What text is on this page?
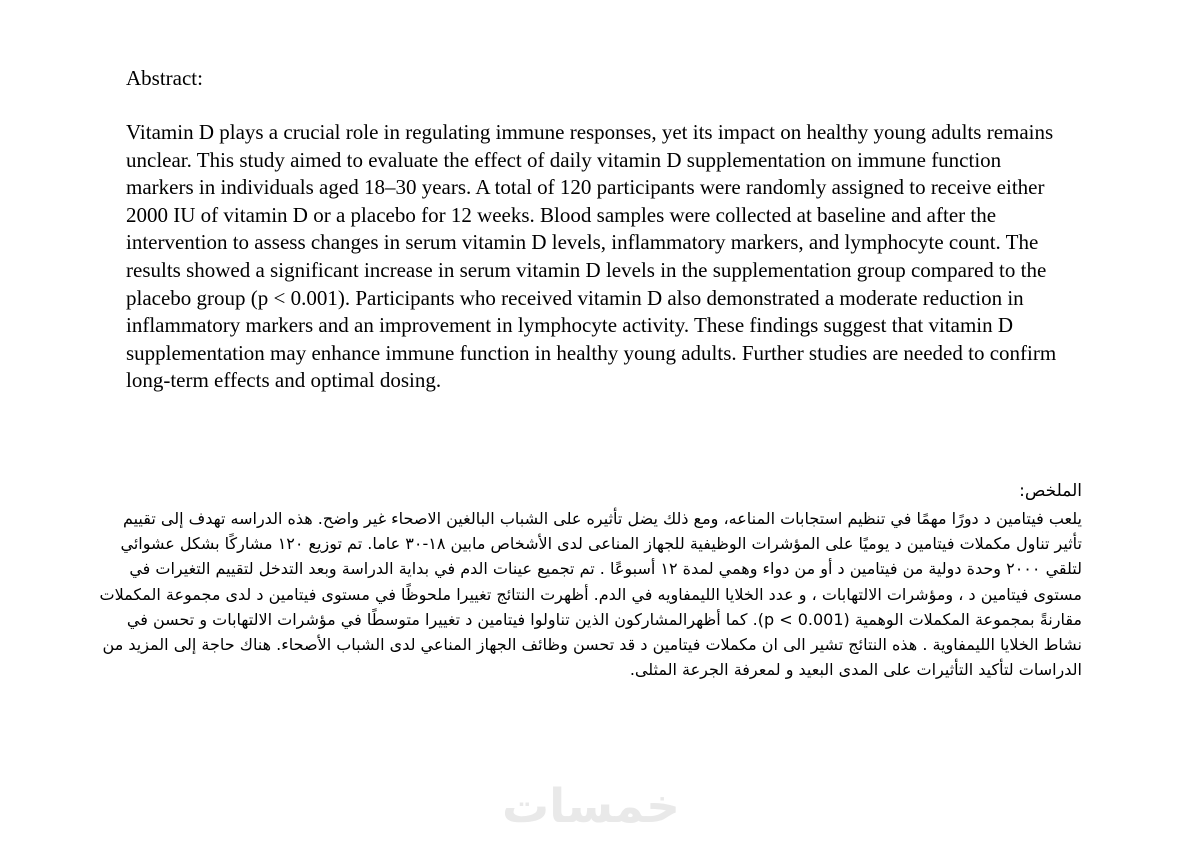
Abstract:

Vitamin D plays a crucial role in regulating immune responses, yet its impact on healthy young adults remains unclear. This study aimed to evaluate the effect of daily vitamin D supplementation on immune function markers in individuals aged 18–30 years. A total of 120 participants were randomly assigned to receive either 2000 IU of vitamin D or a placebo for 12 weeks. Blood samples were collected at baseline and after the intervention to assess changes in serum vitamin D levels, inflammatory markers, and lymphocyte count. The results showed a significant increase in serum vitamin D levels in the supplementation group compared to the placebo group (p < 0.001). Participants who received vitamin D also demonstrated a moderate reduction in inflammatory markers and an improvement in lymphocyte activity. These findings suggest that vitamin D supplementation may enhance immune function in healthy young adults. Further studies are needed to confirm long-term effects and optimal dosing.

الملخص:

يلعب فيتامين د دورًا مهمًا في تنظيم استجابات المناعه، ومع ذلك يضل تأثيره على الشباب البالغين الاصحاء غير واضح. هذه الدراسه تهدف إلى تقييم تأثير تناول مكملات فيتامين د يوميًا على المؤشرات الوظيفية للجهاز المناعى لدى الأشخاص مابين ١٨-٣٠ عاما. تم توزيع ١٢٠ مشاركًا بشكل عشوائي لتلقي ٢٠٠٠ وحدة دولية من فيتامين د أو من دواء وهمي لمدة ١٢ أسبوعًا . تم تجميع عينات الدم في بداية الدراسة وبعد التدخل لتقييم التغيرات في مستوى فيتامين د ، ومؤشرات الالتهابات ، و عدد الخلايا الليمفاويه في الدم. أظهرت النتائج تغييرا ملحوظًا في مستوى فيتامين د لدى مجموعة المكملات مقارنةً بمجموعة المكملات الوهمية (p < 0.001). كما أظهرالمشاركون الذين تناولوا فيتامين د تغييرا متوسطًا في مؤشرات الالتهابات و تحسن في نشاط الخلايا الليمفاوية . هذه النتائج تشير الى ان مكملات فيتامين د قد تحسن وظائف الجهاز المناعي لدى الشباب الأصحاء. هناك حاجة إلى المزيد من الدراسات لتأكيد التأثيرات على المدى البعيد و لمعرفة الجرعة المثلى.

خمسات
